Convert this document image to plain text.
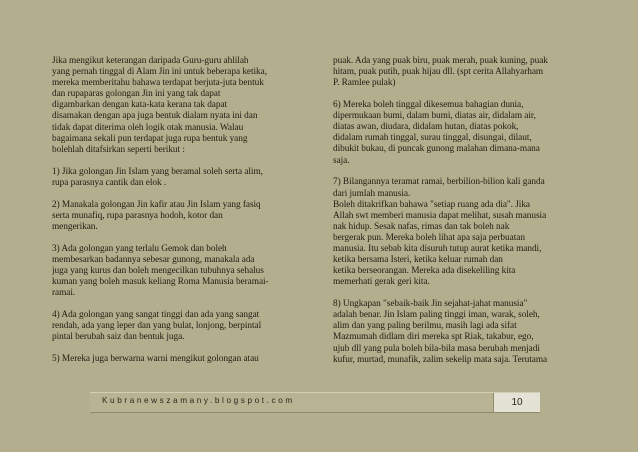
Jika mengikut keterangan daripada Guru-guru ahlilah
yang pernah tinggal di Alam Jin ini untuk beberapa ketika,
mereka memberitahu bahawa terdapat berjuta-juta bentuk
dan rupaparas golongan Jin ini yang tak dapat
digambarkan dengan kata-kata kerana tak dapat
disamakan dengan apa juga bentuk dialam nyata ini dan
tidak dapat diterima oleh logik otak manusia. Walau
bagaimana sekali pun terdapat juga rupa bentuk yang
bolehlah ditafsirkan seperti berikut :
1) Jika golongan Jin Islam yang beramal soleh serta alim,
rupa parasnya cantik dan elok .
2) Manakala golongan Jin kafir atau Jin Islam yang fasiq
serta munafiq, rupa parasnya hodoh, kotor dan
mengerikan.
3) Ada golongan yang terlalu Gemok dan boleh
membesarkan badannya sebesar gunong, manakala ada
juga yang kurus dan boleh mengecilkan tubuhnya sehalus
kuman yang boleh masuk keliang Roma Manusia beramai-
ramai.
4) Ada golongan yang sangat tinggi dan ada yang sangat
rendah, ada yang leper dan yang bulat, lonjong, berpintal
pintal berubah saiz dan bentuk juga.
5) Mereka juga berwarna warni mengikut golongan atau
puak. Ada yang puak biru, puak merah, puak kuning, puak
hitam, puak putih, puak hijau dll. (spt cerita Allahyarham
P. Ramlee pulak)
6) Mereka boleh tinggal dikesemua bahagian dunia,
dipermukaan bumi, dalam bumi, diatas air, didalam air,
diatas awan, diudara, didalam hutan, diatas pokok,
didalam rumah tinggal, surau tinggal, disungai, dilaut,
dibukit bukau, di puncak gunong malahan dimana-mana
saja.
7) Bilangannya teramat ramai, berbilion-bilion kali ganda
dari jumlah manusia.
Boleh ditakrifkan bahawa "setiap ruang ada dia". Jika
Allah swt memberi manusia dapat melihat, susah manusia
nak hidup. Sesak nafas, rimas dan tak boleh nak
bergerak pun. Mereka boleh lihat apa saja perbuatan
manusia. Itu sebab kita disuruh tutup aurat ketika mandi,
ketika bersama Isteri, ketika keluar rumah dan
ketika berseorangan. Mereka ada disekeliling kita
memerhati gerak geri kita.
8) Ungkapan "sebaik-baik Jin sejahat-jahat manusia"
adalah benar. Jin Islam paling tinggi iman, warak, soleh,
alim dan yang paling berilmu, masih lagi ada sifat
Mazmumah didlam diri mereka spt Riak, takabur, ego,
ujub dll yang pula boleh bila-bila masa berubah menjadi
kufur, murtad, munafik, zalim sekelip mata saja. Terutama
Kubranewszamany.blogspot.com	10
